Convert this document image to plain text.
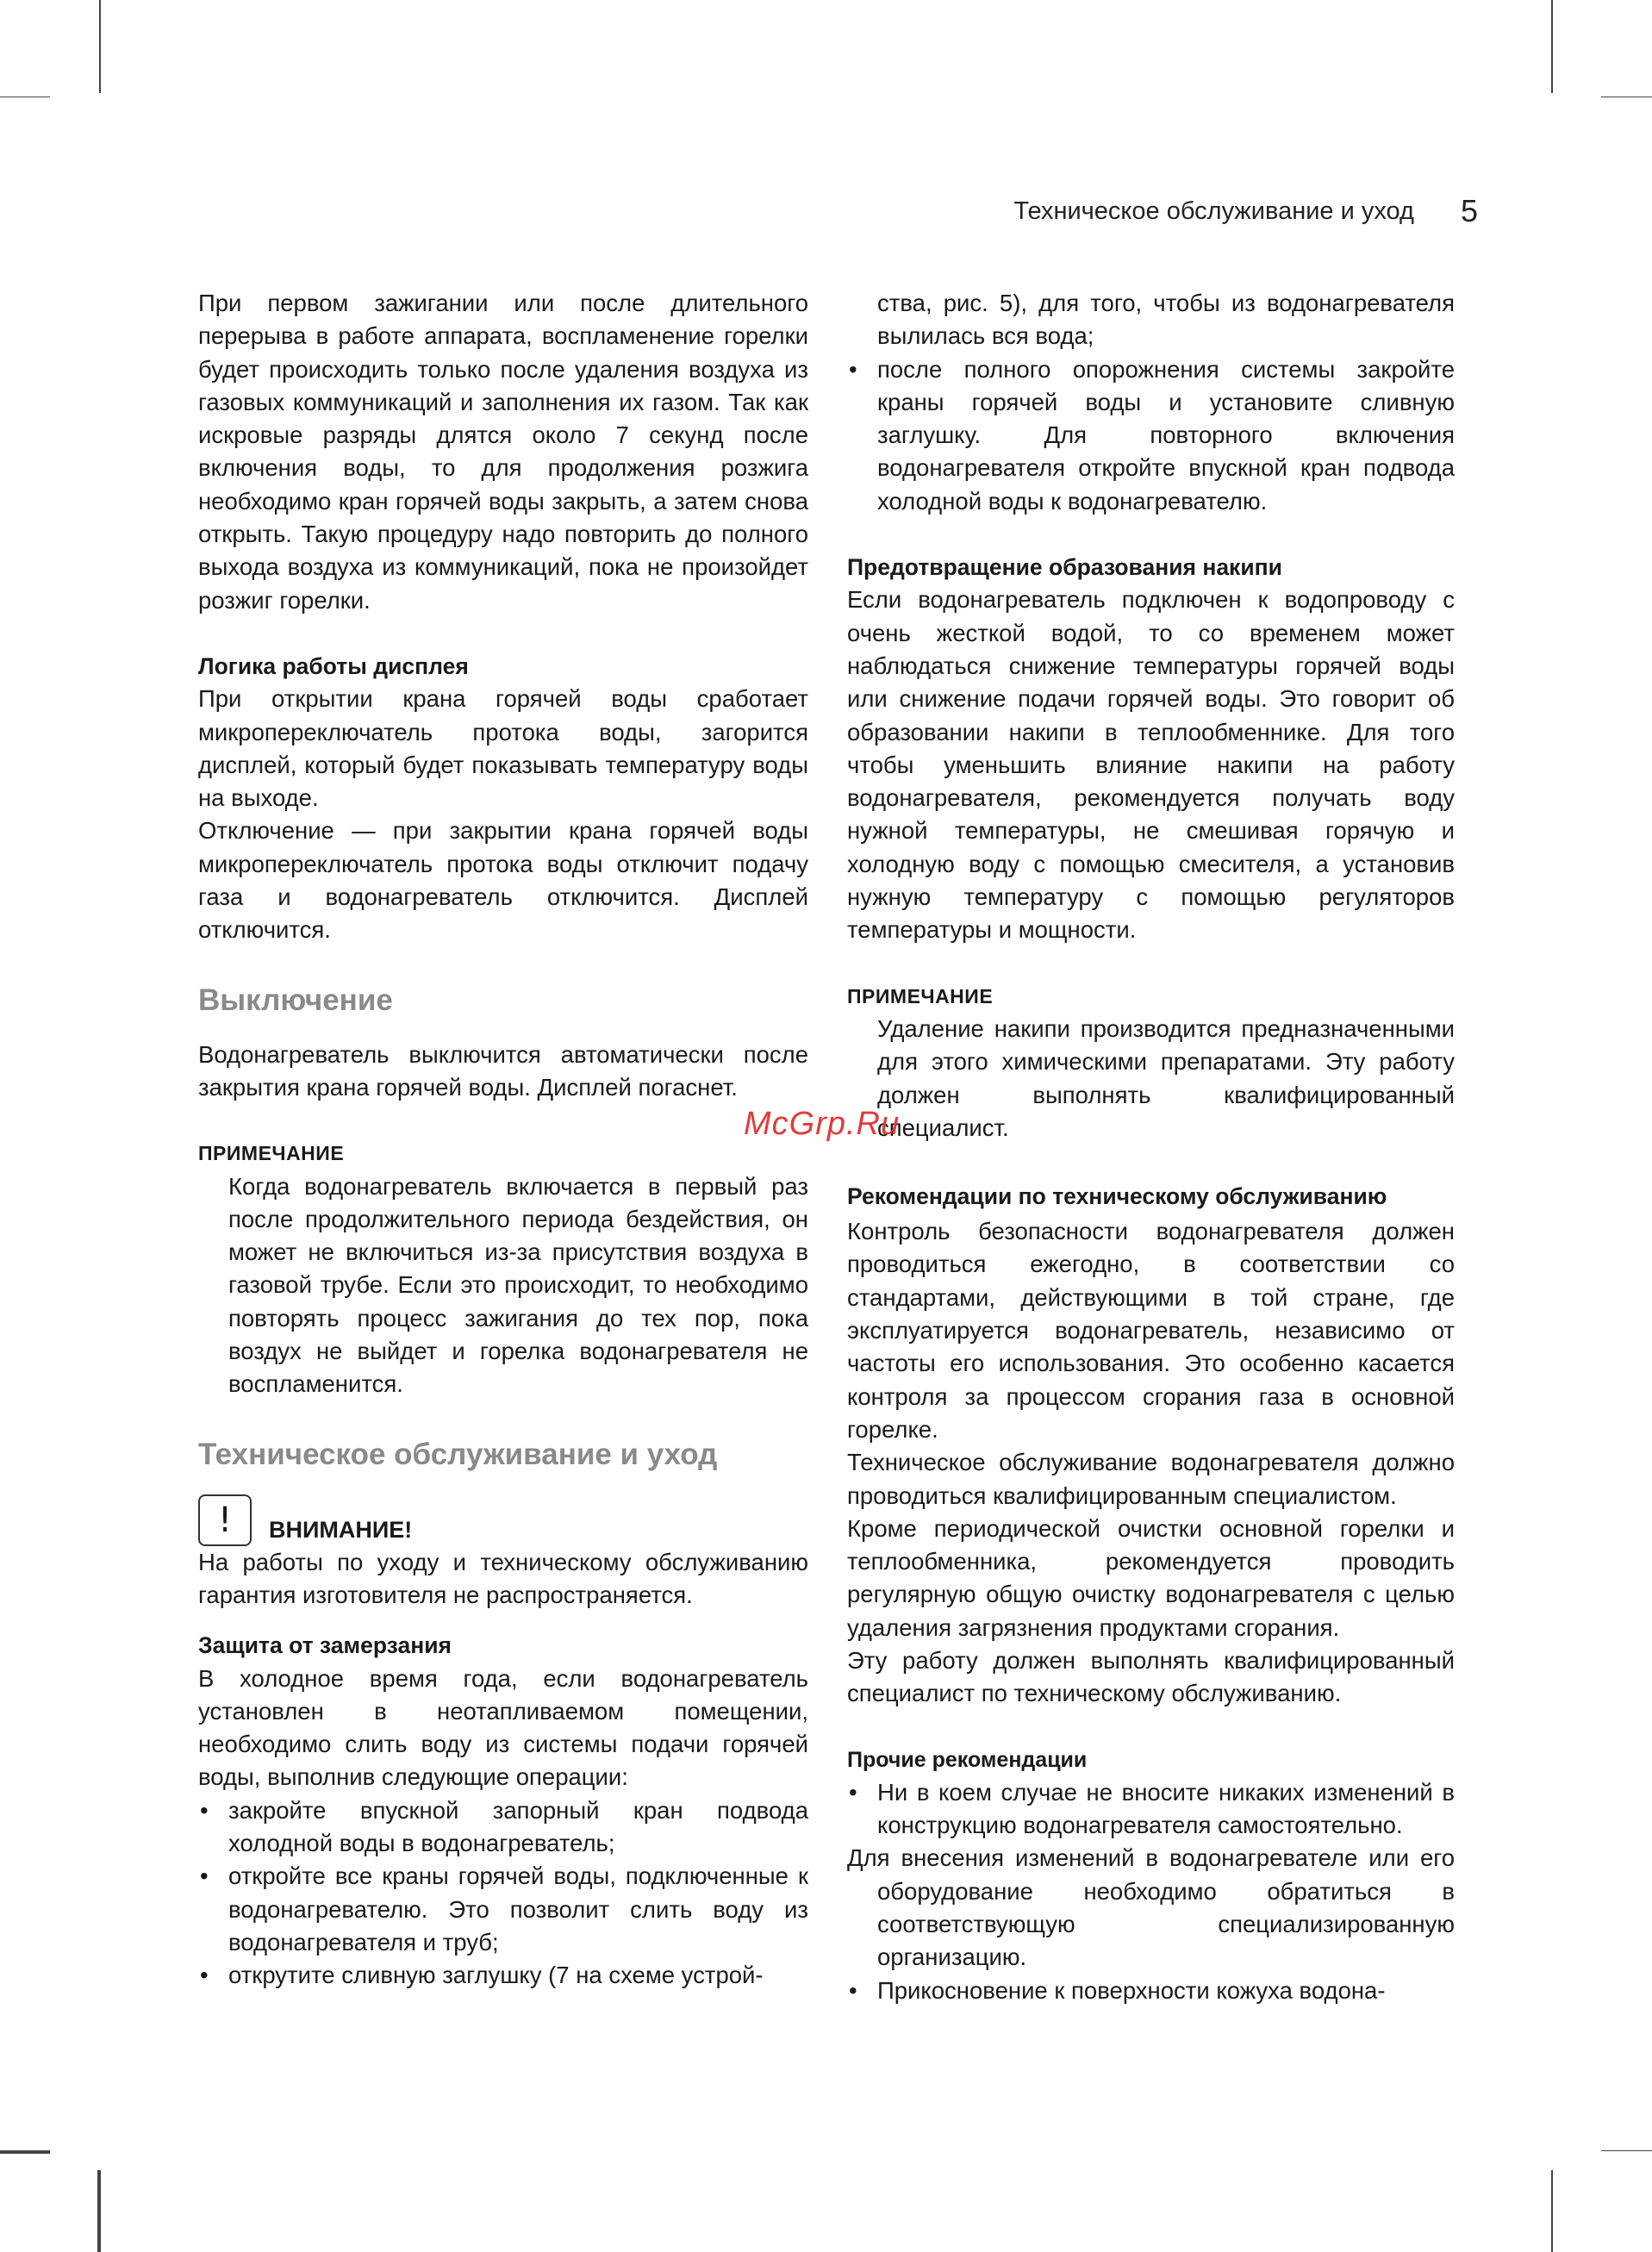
Техническое обслуживание и уход 5

При первом зажигании или после длительного перерыва в работе аппарата, воспламенение горелки будет происходить только после удаления воздуха из газовых коммуникаций и заполнения их газом. Так как искровые разряды длятся около 7 секунд после включения воды, то для продолжения розжига необходимо кран горячей воды закрыть, а затем снова открыть. Такую процедуру надо повторить до полного выхода воздуха из коммуникаций, пока не произойдет розжиг горелки.

Логика работы дисплея

При открытии крана горячей воды сработает микропереключатель протока воды, загорится дисплей, который будет показывать температуру воды на выходе.

Отключение — при закрытии крана горячей воды микропереключатель протока воды отключит подачу газа и водонагреватель отключится. Дисплей отключится.

Выключение

Водонагреватель выключится автоматически после закрытия крана горячей воды. Дисплей погаснет.

ПРИМЕЧАНИЕ

Когда водонагреватель включается в первый раз после продолжительного периода бездействия, он может не включиться из-за присутствия воздуха в газовой трубе. Если это происходит, то необходимо повторять процесс зажигания до тех пор, пока воздух не выйдет и горелка водонагревателя не воспламенится.

Техническое обслуживание и уход

!	ВНИМАНИЕ!

На работы по уходу и техническому обслуживанию гарантия изготовителя не распространяется.

Защита от замерзания

В холодное время года, если водонагреватель установлен в неотапливаемом помещении, необходимо слить воду из системы подачи горячей воды, выполнив следующие операции:

• закройте впускной запорный кран подвода холодной воды в водонагреватель;

• откройте все краны горячей воды, подключенные к водонагревателю. Это позволит слить воду из водонагревателя и труб;

• открутите сливную заглушку (7 на схеме устрой-

ства, рис. 5), для того, чтобы из водонагревателя вылилась вся вода;

• после полного опорожнения системы закройте краны горячей воды и установите сливную заглушку. Для повторного включения водонагревателя откройте впускной кран подвода холодной воды к водонагревателю.

Предотвращение образования накипи

Если водонагреватель подключен к водопроводу с очень жесткой водой, то со временем может наблюдаться снижение температуры горячей воды или снижение подачи горячей воды. Это говорит об образовании накипи в теплообменнике. Для того чтобы уменьшить влияние накипи на работу водонагревателя, рекомендуется получать воду нужной температуры, не смешивая горячую и холодную воду с помощью смесителя, а установив нужную температуру с помощью регуляторов температуры и мощности.

ПРИМЕЧАНИЕ

Удаление накипи производится предназначенными для этого химическими препаратами. Эту работу должен выполнять квалифицированный специалист.

Рекомендации по техническому обслуживанию

Контроль безопасности водонагревателя должен проводиться ежегодно, в соответствии со стандартами, действующими в той стране, где эксплуатируется водонагреватель, независимо от частоты его использования. Это особенно касается контроля за процессом сгорания газа в основной горелке.

Техническое обслуживание водонагревателя должно проводиться квалифицированным специалистом.

Кроме периодической очистки основной горелки и теплообменника, рекомендуется проводить регулярную общую очистку водонагревателя с целью удаления загрязнения продуктами сгорания.

Эту работу должен выполнять квалифицированный специалист по техническому обслуживанию.

Прочие рекомендации

• Ни в коем случае не вносите никаких изменений в конструкцию водонагревателя самостоятельно.

Для внесения изменений в водонагревателе или его оборудование необходимо обратиться в соответствующую специализированную организацию.

• Прикосновение к поверхности кожуха водона-

McGrp.Ru
